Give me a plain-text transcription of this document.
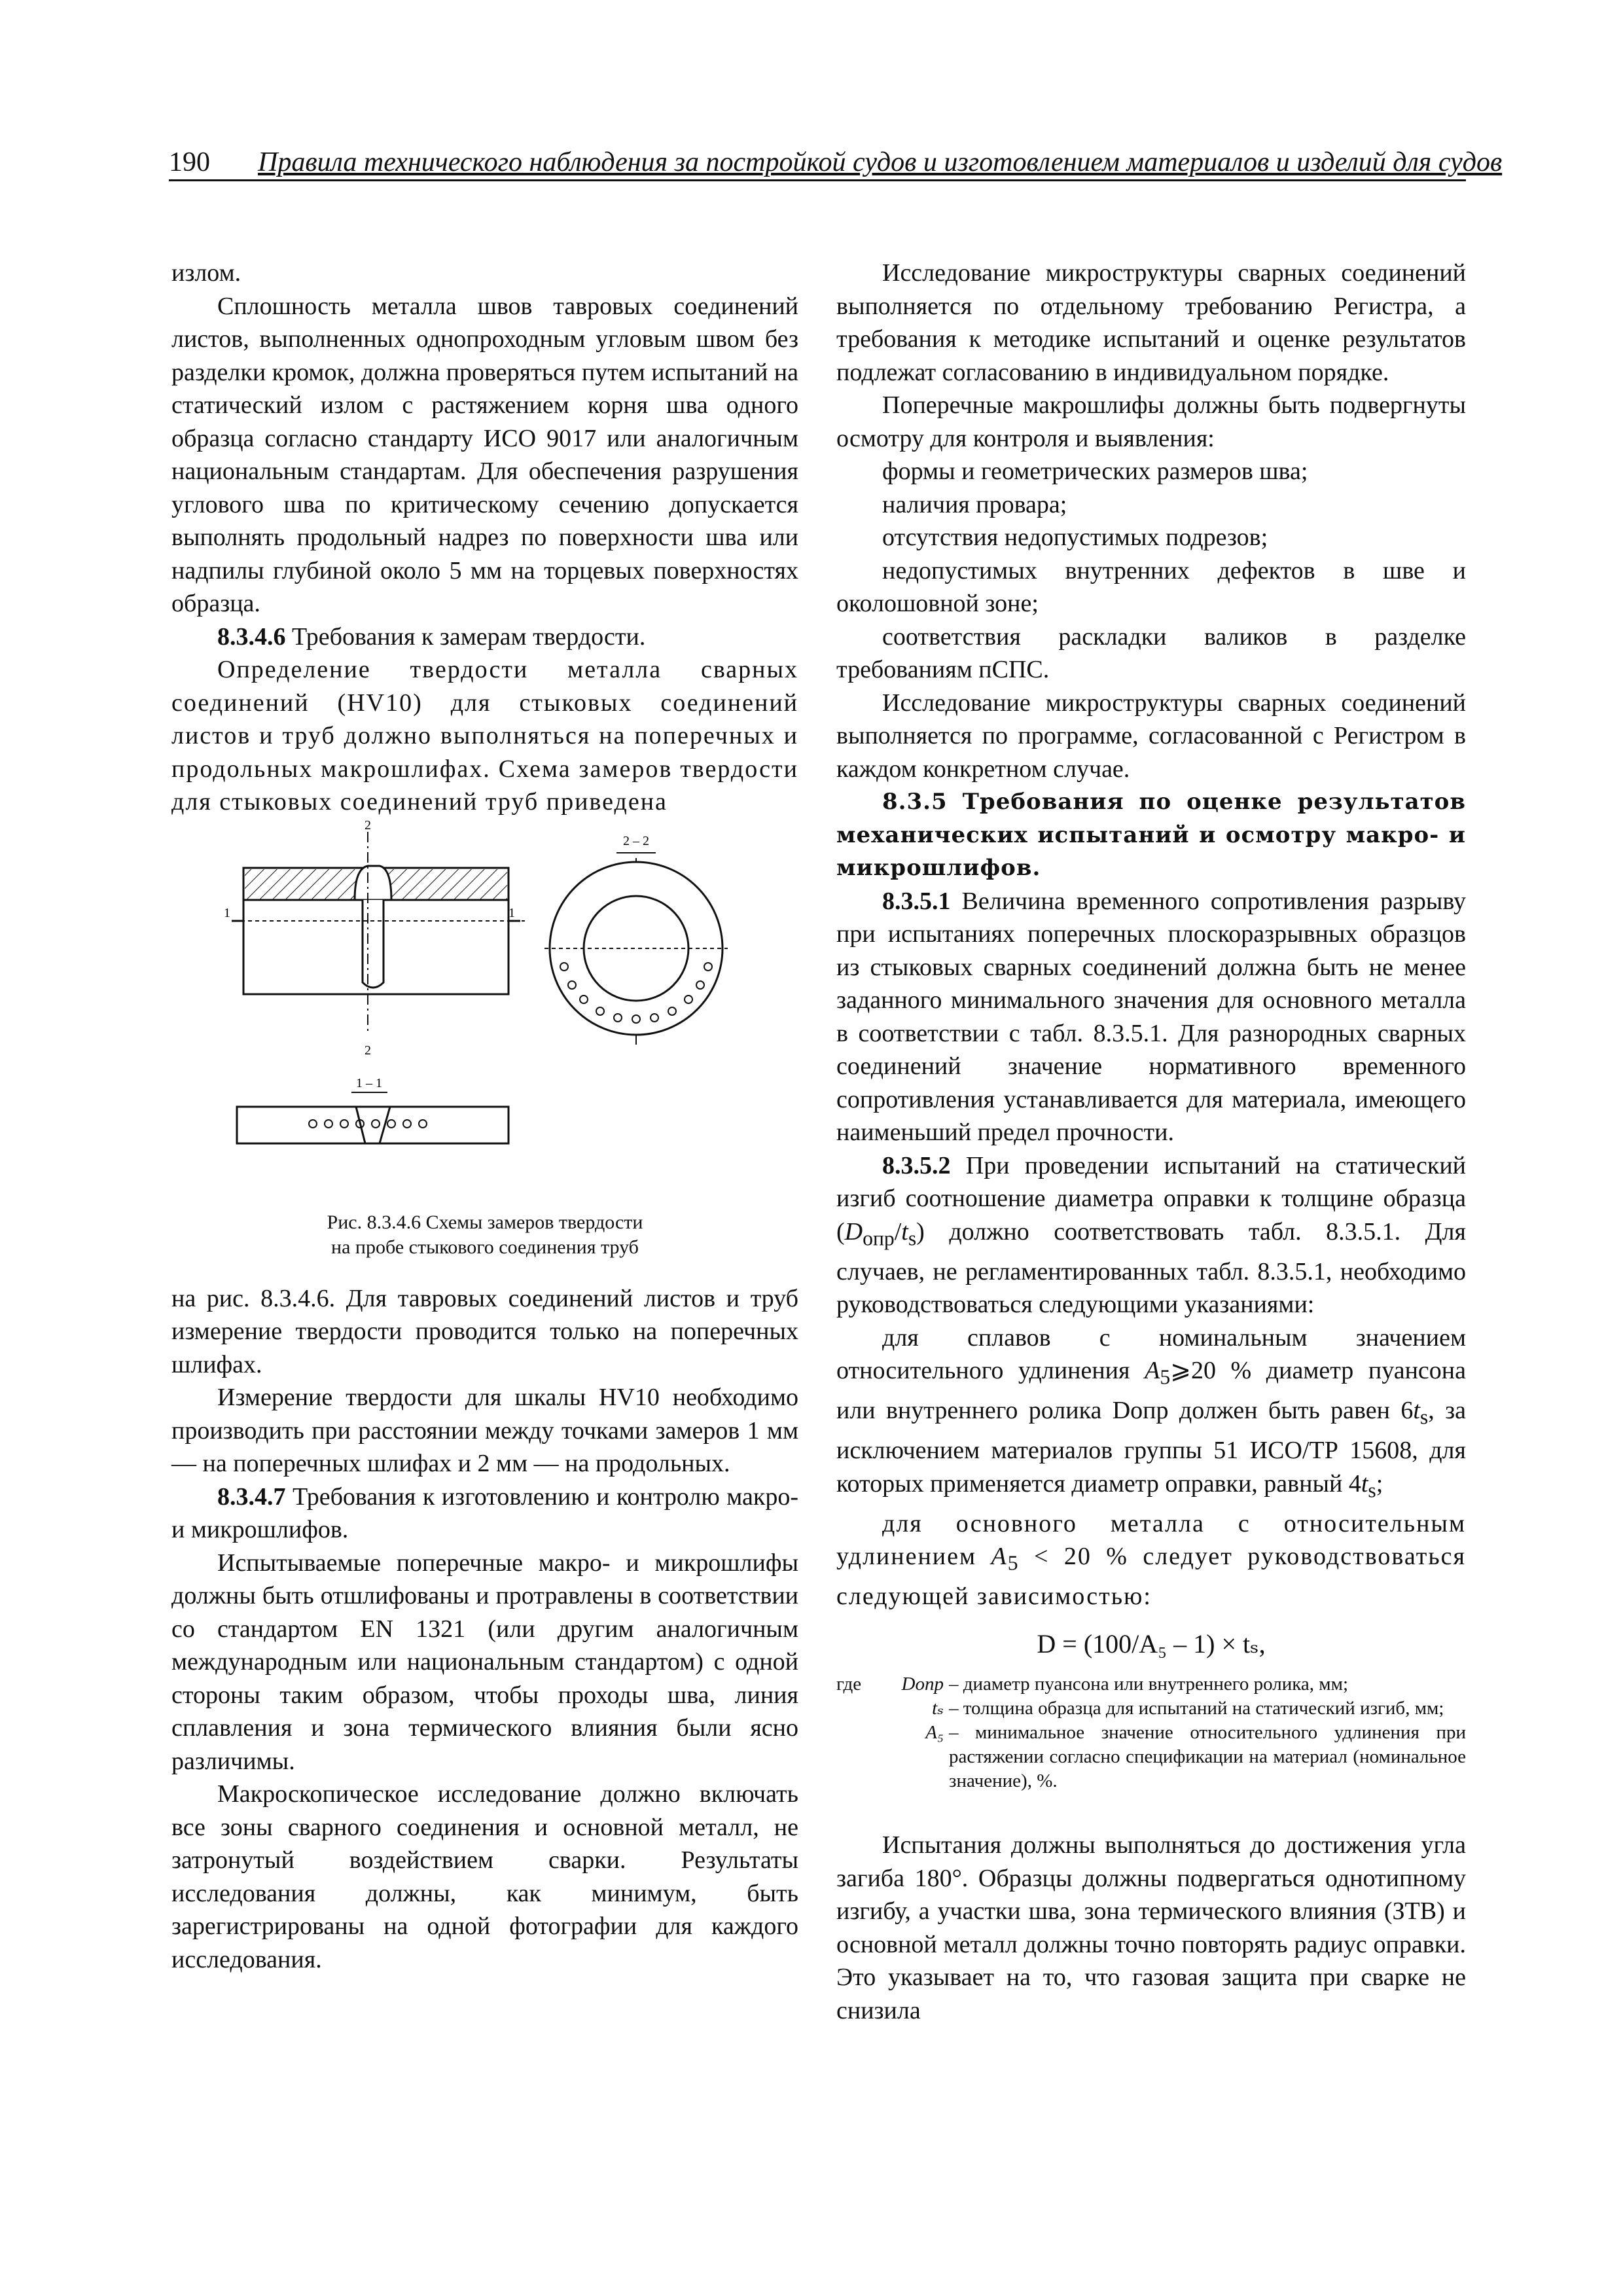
190 Правила технического наблюдения за постройкой судов и изготовлением материалов и изделий для судов

излом.

Сплошность металла швов тавровых соединений листов, выполненных однопроходным угловым швом без разделки кромок, должна проверяться путем испытаний на статический излом с растяжением корня шва одного образца согласно стандарту ИСО 9017 или аналогичным национальным стандартам. Для обеспечения разрушения углового шва по критическому сечению допускается выполнять продольный надрез по поверхности шва или надпилы глубиной около 5 мм на торцевых поверхностях образца.

8.3.4.6 Требования к замерам твердости.

Определение твердости металла сварных соединений (HV10) для стыковых соединений листов и труб должно выполняться на поперечных и продольных макрошлифах. Схема замеров твердости для стыковых соединений труб приведена

2
1	1
2
2 – 2
1 – 1
Рис. 8.3.4.6 Схемы замеров твердости
на пробе стыкового соединения труб

на рис. 8.3.4.6. Для тавровых соединений листов и труб измерение твердости проводится только на поперечных шлифах.

Измерение твердости для шкалы HV10 необходимо производить при расстоянии между точками замеров 1 мм — на поперечных шлифах и 2 мм — на продольных.

8.3.4.7 Требования к изготовлению и контролю макро- и микрошлифов.

Испытываемые поперечные макро- и микрошлифы должны быть отшлифованы и протравлены в соответствии со стандартом EN 1321 (или другим аналогичным международным или национальным стандартом) с одной стороны таким образом, чтобы проходы шва, линия сплавления и зона термического влияния были ясно различимы.

Макроскопическое исследование должно включать все зоны сварного соединения и основной металл, не затронутый воздействием сварки. Результаты исследования должны, как минимум, быть зарегистрированы на одной фотографии для каждого исследования.

Исследование микроструктуры сварных соединений выполняется по отдельному требованию Регистра, а требования к методике испытаний и оценке результатов подлежат согласованию в индивидуальном порядке.

Поперечные макрошлифы должны быть подвергнуты осмотру для контроля и выявления:

формы и геометрических размеров шва;

наличия провара;

отсутствия недопустимых подрезов;

недопустимых внутренних дефектов в шве и околошовной зоне;

соответствия раскладки валиков в разделке требованиям пСПС.

Исследование микроструктуры сварных соединений выполняется по программе, согласованной с Регистром в каждом конкретном случае.

8.3.5 Требования по оценке результатов механических испытаний и осмотру макро- и микрошлифов.

8.3.5.1 Величина временного сопротивления разрыву при испытаниях поперечных плоскоразрывных образцов из стыковых сварных соединений должна быть не менее заданного минимального значения для основного металла в соответствии с табл. 8.3.5.1. Для разнородных сварных соединений значение нормативного временного сопротивления устанавливается для материала, имеющего наименьший предел прочности.

8.3.5.2 При проведении испытаний на статический изгиб соотношение диаметра оправки к толщине образца $(D_{опр}/t_s)$ должно соответствовать табл. 8.3.5.1. Для случаев, не регламентированных табл. 8.3.5.1, необходимо руководствоваться следующими указаниями:

для сплавов с номинальным значением относительного удлинения $A_5⩾20$ % диаметр пуансона или внутреннего ролика Dопр должен быть равен $6t_s$, за исключением материалов группы 51 ИСО/ТР 15608, для которых применяется диаметр оправки, равный $4t_s$;

для основного металла с относительным удлинением $A_5 < 20$ % следует руководствоваться следующей зависимостью:

D = (100/A₅ – 1) × tₛ,

где	Dопр – диаметр пуансона или внутреннего ролика, мм;
tₛ – толщина образца для испытаний на статический изгиб, мм;
A₅ – минимальное значение относительного удлинения при растяжении согласно спецификации на материал (номинальное значение), %.

Испытания должны выполняться до достижения угла загиба 180°. Образцы должны подвергаться однотипному изгибу, а участки шва, зона термического влияния (ЗТВ) и основной металл должны точно повторять радиус оправки. Это указывает на то, что газовая защита при сварке не снизила
